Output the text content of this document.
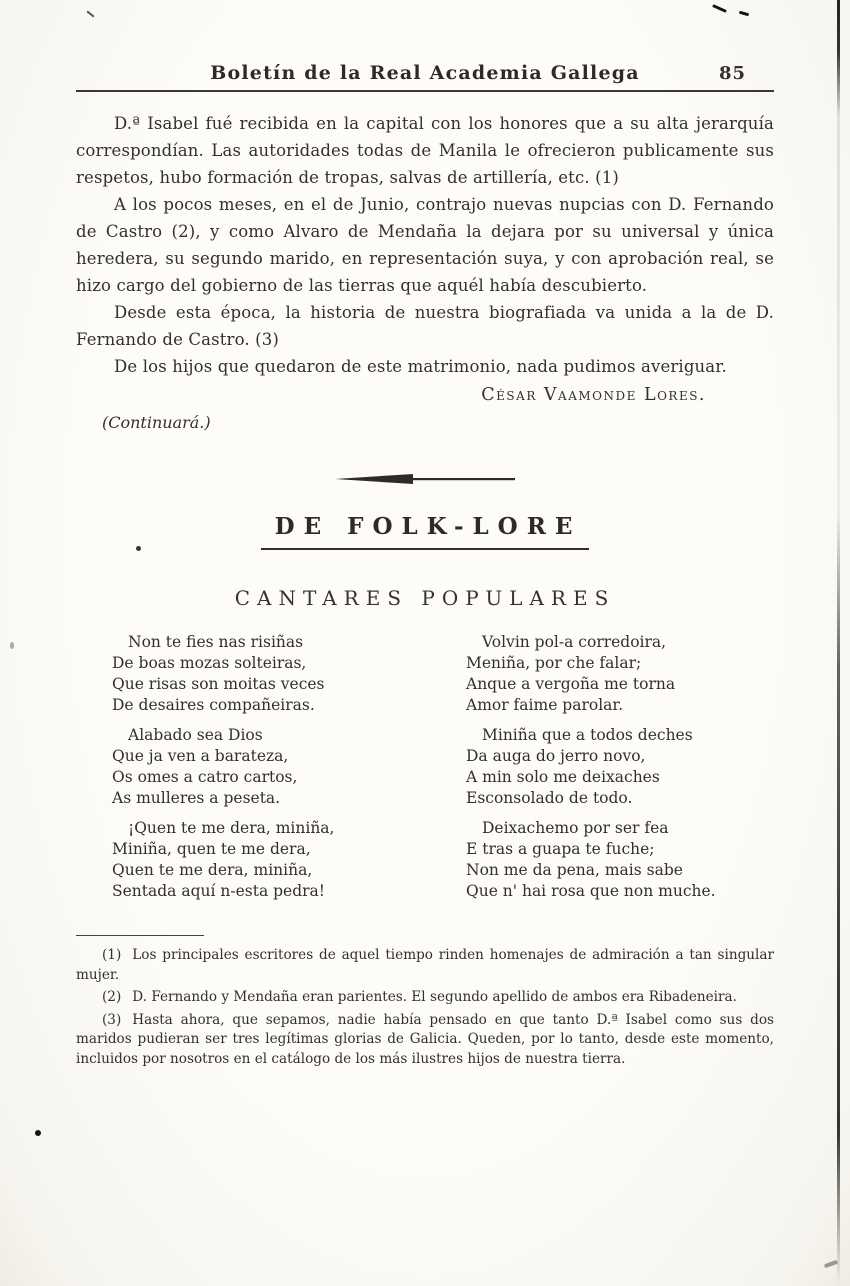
Boletín de la Real Academia Gallega	85

D.ª Isabel fué recibida en la capital con los honores que a su alta jerarquía correspondían. Las autoridades todas de Manila le ofrecieron publicamente sus respetos, hubo formación de tropas, salvas de artillería, etc. (1)

A los pocos meses, en el de Junio, contrajo nuevas nupcias con D. Fernando de Castro (2), y como Alvaro de Mendaña la dejara por su universal y única heredera, su segundo marido, en representación suya, y con aprobación real, se hizo cargo del gobierno de las tierras que aquél había descubierto.

Desde esta época, la historia de nuestra biografiada va unida a la de D. Fernando de Castro. (3)

De los hijos que quedaron de este matrimonio, nada pudimos averiguar.

César Vaamonde Lores.

(Continuará.)

DE FOLK-LORE
CANTARES POPULARES
Non te fies nas risiñas
De boas mozas solteiras,
Que risas son moitas veces
De desaires compañeiras.
Alabado sea Dios
Que ja ven a barateza,
Os omes a catro cartos,
As mulleres a peseta.
¡Quen te me dera, miniña,
Miniña, quen te me dera,
Quen te me dera, miniña,
Sentada aquí n-esta pedra!
Volvin pol-a corredoira,
Meniña, por che falar;
Anque a vergoña me torna
Amor faime parolar.
Miniña que a todos deches
Da auga do jerro novo,
A min solo me deixaches
Esconsolado de todo.
Deixachemo por ser fea
E tras a guapa te fuche;
Non me da pena, mais sabe
Que n' hai rosa que non muche.

(1) Los principales escritores de aquel tiempo rinden homenajes de admiración a tan singular mujer.

(2) D. Fernando y Mendaña eran parientes. El segundo apellido de ambos era Ribadeneira.

(3) Hasta ahora, que sepamos, nadie había pensado en que tanto D.ª Isabel como sus dos maridos pudieran ser tres legítimas glorias de Galicia. Queden, por lo tanto, desde este momento, incluidos por nosotros en el catálogo de los más ilustres hijos de nuestra tierra.
